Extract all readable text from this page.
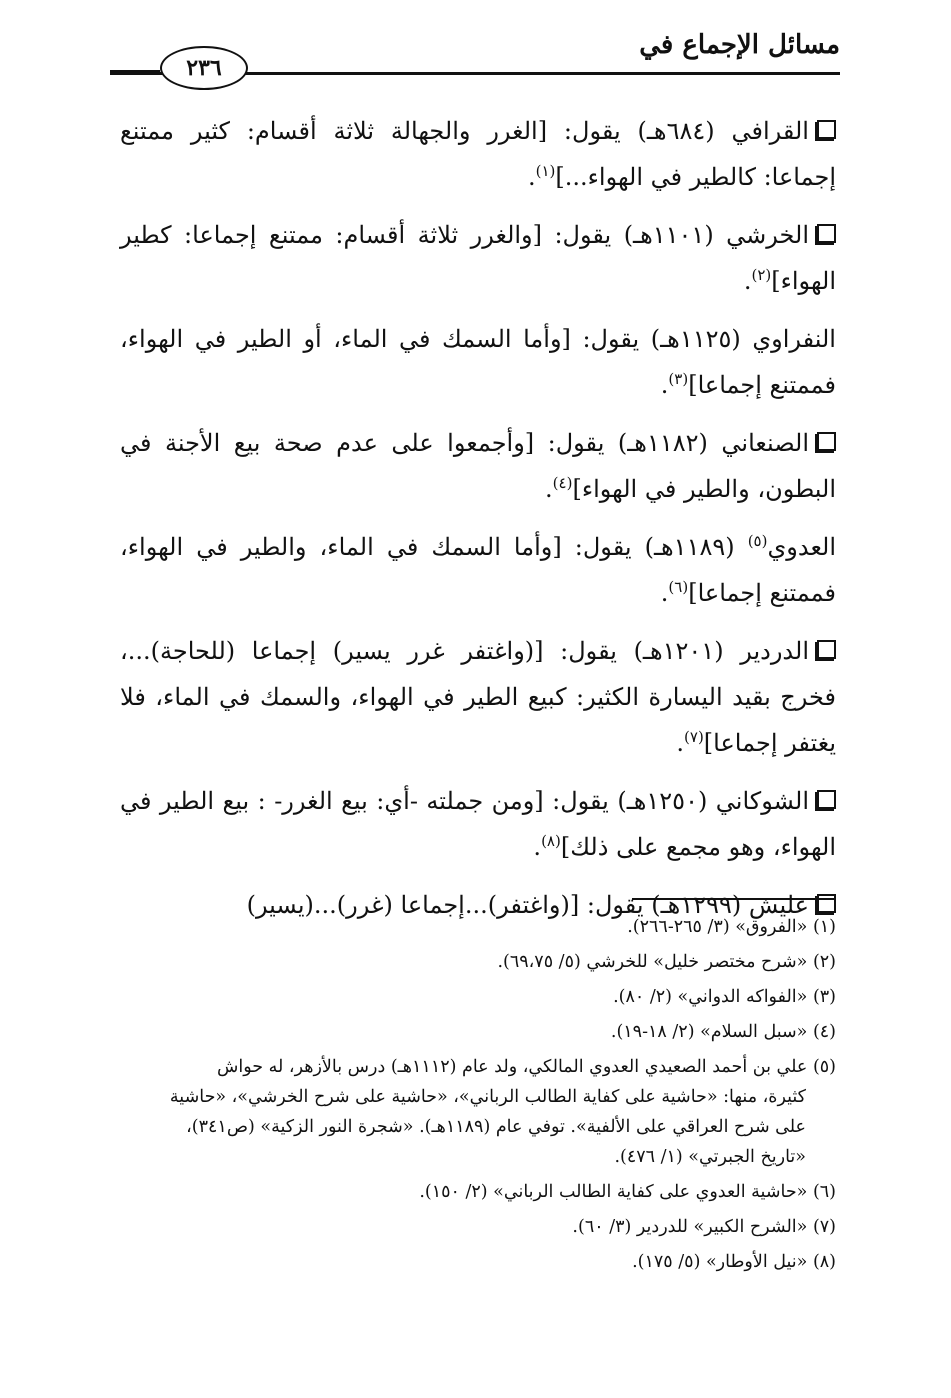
مسائل الإجماع في
٢٣٦

القرافي (٦٨٤هـ) يقول: [الغرر والجهالة ثلاثة أقسام: كثير ممتنع إجماعا: كالطير في الهواء...]$^{(١)}$.

الخرشي (١١٠١هـ) يقول: [والغرر ثلاثة أقسام: ممتنع إجماعا: كطير الهواء]$^{(٢)}$.

النفراوي (١١٢٥هـ) يقول: [وأما السمك في الماء، أو الطير في الهواء، فممتنع إجماعا]$^{(٣)}$.

الصنعاني (١١٨٢هـ) يقول: [وأجمعوا على عدم صحة بيع الأجنة في البطون، والطير في الهواء]$^{(٤)}$.

العدوي$^{(٥)}$ (١١٨٩هـ) يقول: [وأما السمك في الماء، والطير في الهواء، فممتنع إجماعا]$^{(٦)}$.

الدردير (١٢٠١هـ) يقول: [(واغتفر غرر يسير) إجماعا (للحاجة)...، فخرج بقيد اليسارة الكثير: كبيع الطير في الهواء، والسمك في الماء، فلا يغتفر إجماعا]$^{(٧)}$.

الشوكاني (١٢٥٠هـ) يقول: [ومن جملته -أي: بيع الغرر- : بيع الطير في الهواء، وهو مجمع على ذلك]$^{(٨)}$.

عليش (١٢٩٩هـ) يقول: [(واغتفر)...إجماعا (غرر)...(يسير)

(١) «الفروق» (٣/ ٢٦٥-٢٦٦).

(٢) «شرح مختصر خليل» للخرشي (٥/ ٦٩،٧٥).

(٣) «الفواكه الدواني» (٢/ ٨٠).

(٤) «سبل السلام» (٢/ ١٨-١٩).

(٥) علي بن أحمد الصعيدي العدوي المالكي، ولد عام (١١١٢هـ) درس بالأزهر، له حواش
كثيرة، منها: «حاشية على كفاية الطالب الرباني»، «حاشية على شرح الخرشي»، «حاشية
على شرح العراقي على الألفية». توفي عام (١١٨٩هـ). «شجرة النور الزكية» (ص٣٤١)،
«تاريخ الجبرتي» (١/ ٤٧٦).

(٦) «حاشية العدوي على كفاية الطالب الرباني» (٢/ ١٥٠).

(٧) «الشرح الكبير» للدردير (٣/ ٦٠).

(٨) «نيل الأوطار» (٥/ ١٧٥).
